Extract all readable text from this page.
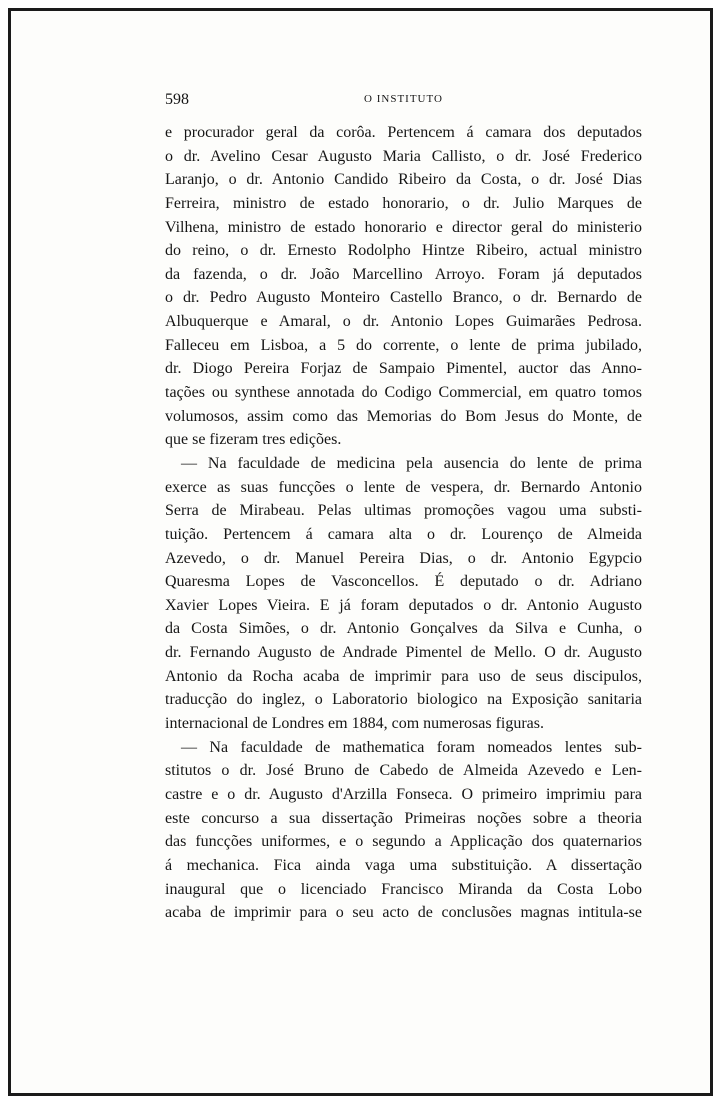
598	O INSTITUTO
e procurador geral da corôa. Pertencem á camara dos deputados
o dr. Avelino Cesar Augusto Maria Callisto, o dr. José Frederico
Laranjo, o dr. Antonio Candido Ribeiro da Costa, o dr. José Dias
Ferreira, ministro de estado honorario, o dr. Julio Marques de
Vilhena, ministro de estado honorario e director geral do ministerio
do reino, o dr. Ernesto Rodolpho Hintze Ribeiro, actual ministro
da fazenda, o dr. João Marcellino Arroyo. Foram já deputados
o dr. Pedro Augusto Monteiro Castello Branco, o dr. Bernardo de
Albuquerque e Amaral, o dr. Antonio Lopes Guimarães Pedrosa.
Falleceu em Lisboa, a 5 do corrente, o lente de prima jubilado,
dr. Diogo Pereira Forjaz de Sampaio Pimentel, auctor das Anno-
tações ou synthese annotada do Codigo Commercial, em quatro tomos
volumosos, assim como das Memorias do Bom Jesus do Monte, de
que se fizeram tres edições.
— Na faculdade de medicina pela ausencia do lente de prima
exerce as suas funcções o lente de vespera, dr. Bernardo Antonio
Serra de Mirabeau. Pelas ultimas promoções vagou uma substi-
tuição. Pertencem á camara alta o dr. Lourenço de Almeida
Azevedo, o dr. Manuel Pereira Dias, o dr. Antonio Egypcio
Quaresma Lopes de Vasconcellos. É deputado o dr. Adriano
Xavier Lopes Vieira. E já foram deputados o dr. Antonio Augusto
da Costa Simões, o dr. Antonio Gonçalves da Silva e Cunha, o
dr. Fernando Augusto de Andrade Pimentel de Mello. O dr. Augusto
Antonio da Rocha acaba de imprimir para uso de seus discipulos,
traducção do inglez, o Laboratorio biologico na Exposição sanitaria
internacional de Londres em 1884, com numerosas figuras.
— Na faculdade de mathematica foram nomeados lentes sub-
stitutos o dr. José Bruno de Cabedo de Almeida Azevedo e Len-
castre e o dr. Augusto d'Arzilla Fonseca. O primeiro imprimiu para
este concurso a sua dissertação Primeiras noções sobre a theoria
das funcções uniformes, e o segundo a Applicação dos quaternarios
á mechanica. Fica ainda vaga uma substituição. A dissertação
inaugural que o licenciado Francisco Miranda da Costa Lobo
acaba de imprimir para o seu acto de conclusões magnas intitula-se
